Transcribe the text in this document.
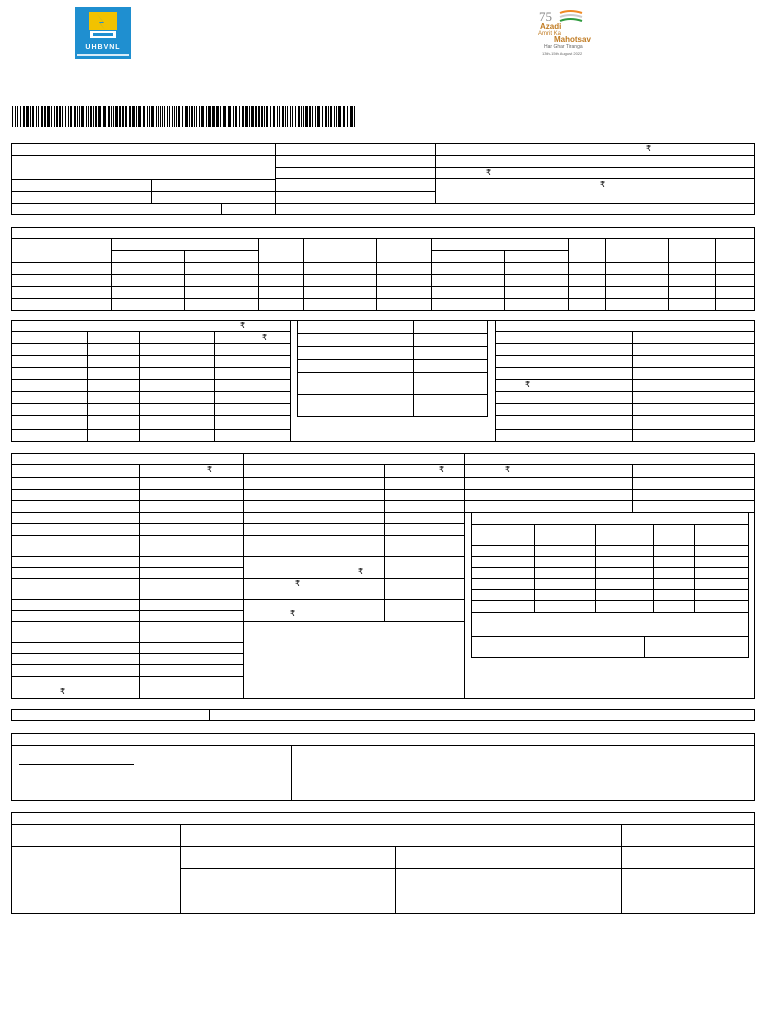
UHBVNL
75
Azadi
Amrit Ka
Mahotsav
Har Ghar Tiranga
13th-15th August 2022
₹
₹
₹
₹
₹
₹
₹
₹
₹
₹
₹
₹
₹
